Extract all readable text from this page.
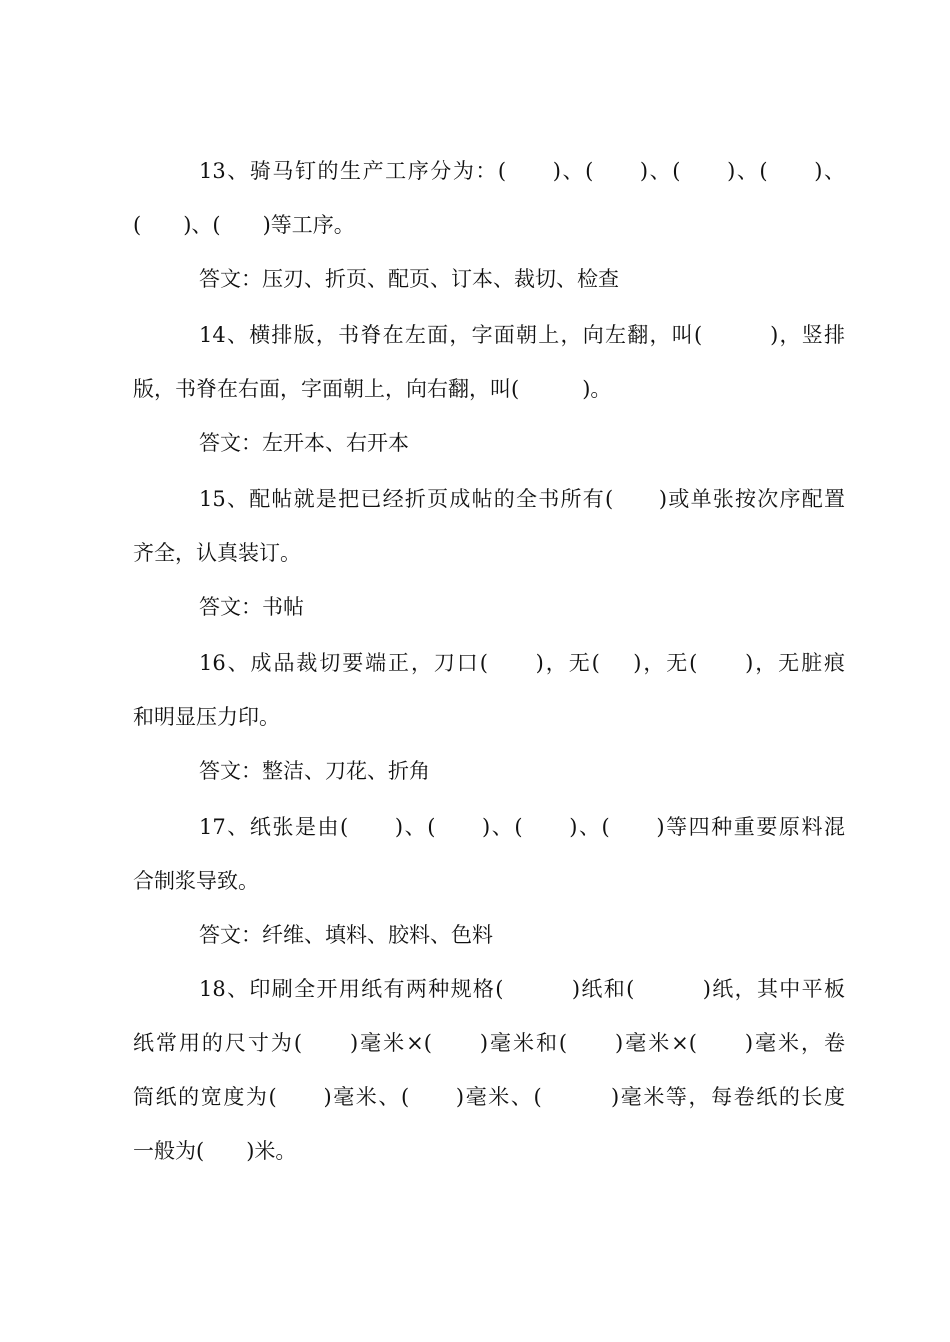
13、骑马钉的生产工序分为：(　　)、(　　)、(　　)、(　　)、
(　　)、(　　)等工序。
答文：压刃、折页、配页、订本、裁切、检查
14、横排版，书脊在左面，字面朝上，向左翻，叫(　　　)，竖排
版，书脊在右面，字面朝上，向右翻，叫(　　　)。
答文：左开本、右开本
15、配帖就是把已经折页成帖的全书所有(　　)或单张按次序配置
齐全，认真装订。
答文：书帖
16、成品裁切要端正，刀口(　　)，无(　 )，无(　　)，无脏痕
和明显压力印。
答文：整洁、刀花、折角
17、纸张是由(　　)、(　　)、(　　)、(　　)等四种重要原料混
合制浆导致。
答文：纤维、填料、胶料、色料
18、印刷全开用纸有两种规格(　　　)纸和(　　　)纸，其中平板
纸常用的尺寸为(　　)毫米×(　　)毫米和(　　)毫米×(　　)毫米，卷
筒纸的宽度为(　　)毫米、(　　)毫米、(　　　)毫米等，每卷纸的长度
一般为(　　)米。
